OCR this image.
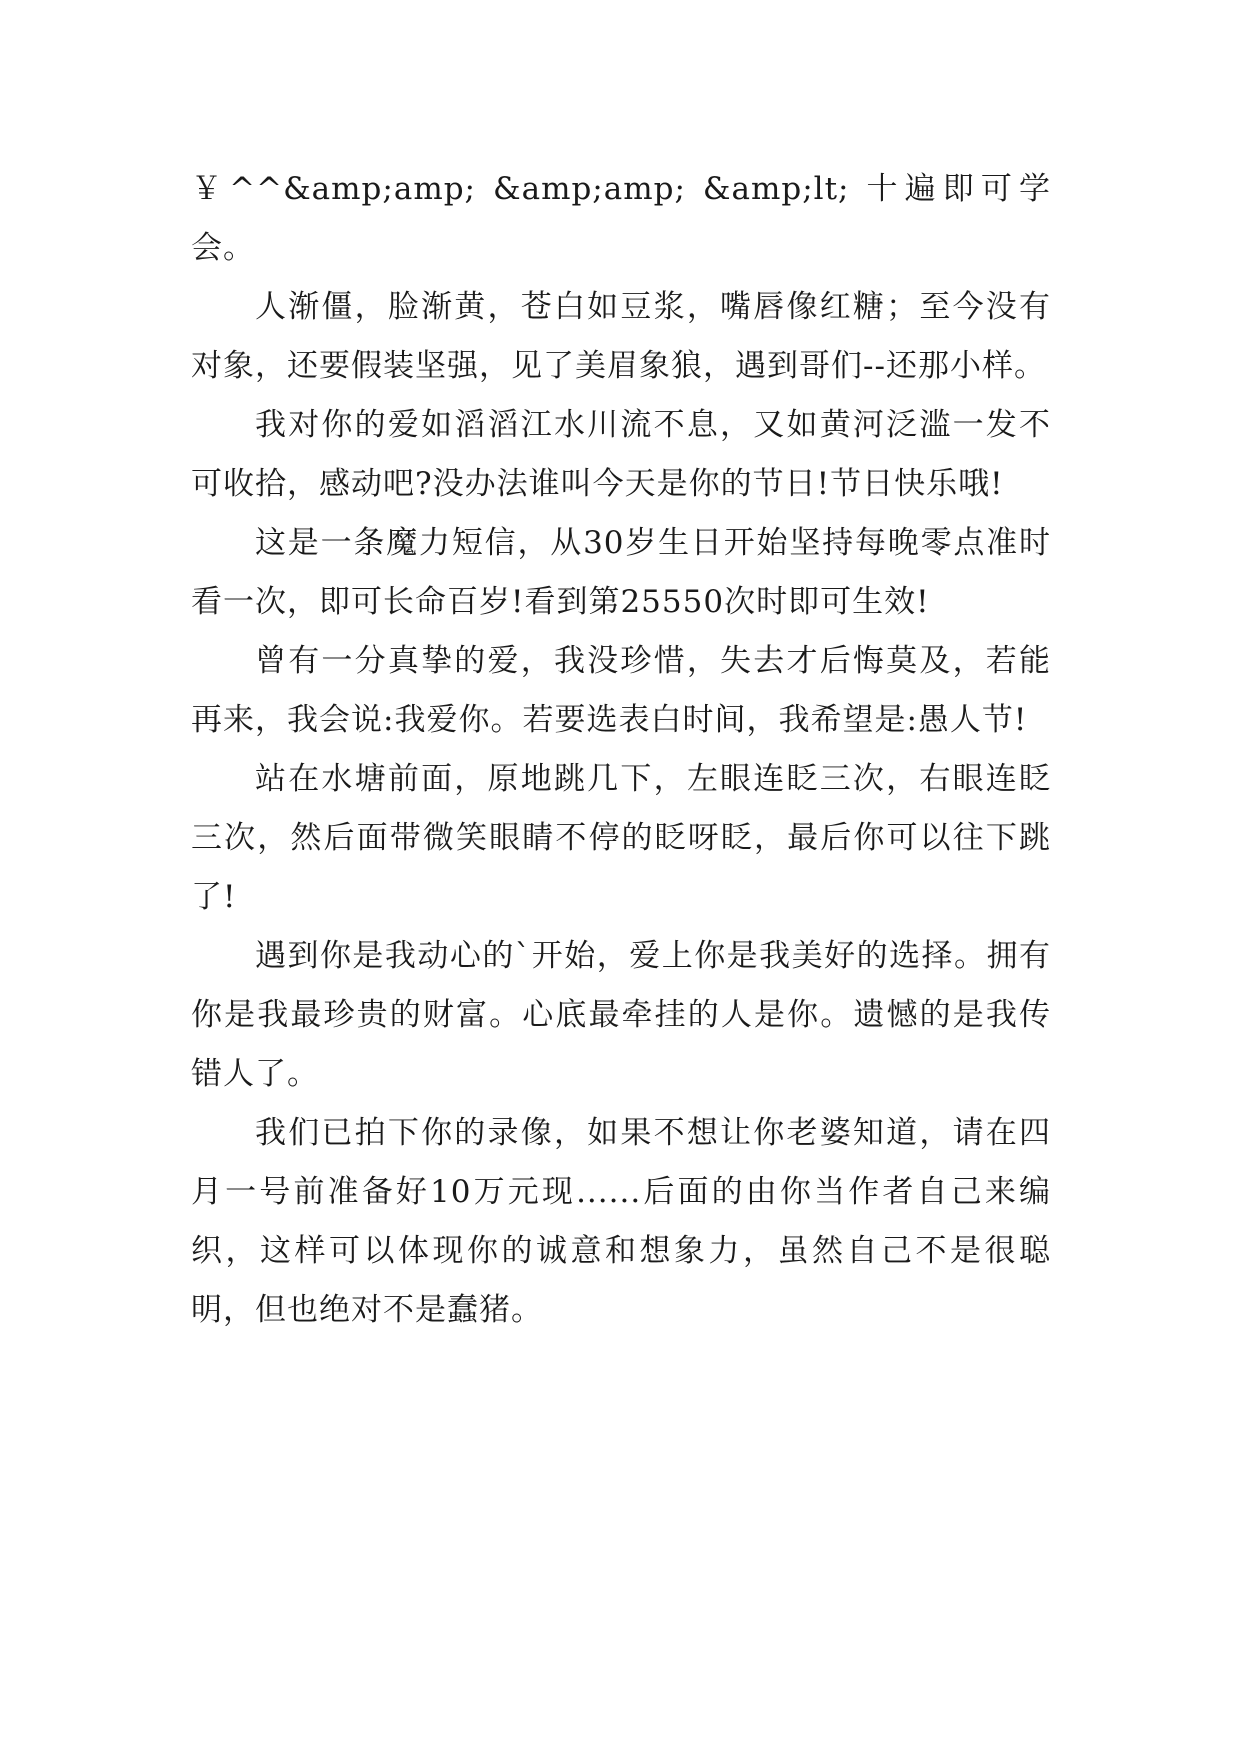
￥^^&amp;amp; &amp;amp; &amp;lt; 十遍即可学会。

人渐僵，脸渐黄，苍白如豆浆，嘴唇像红糖；至今没有对象，还要假装坚强，见了美眉象狼，遇到哥们--还那小样。

我对你的爱如滔滔江水川流不息，又如黄河泛滥一发不可收拾，感动吧?没办法谁叫今天是你的节日!节日快乐哦!

这是一条魔力短信，从30岁生日开始坚持每晚零点准时看一次，即可长命百岁!看到第25550次时即可生效!

曾有一分真挚的爱，我没珍惜，失去才后悔莫及，若能再来，我会说:我爱你。若要选表白时间，我希望是:愚人节!

站在水塘前面，原地跳几下，左眼连眨三次，右眼连眨三次，然后面带微笑眼睛不停的眨呀眨，最后你可以往下跳了!

遇到你是我动心的`开始，爱上你是我美好的选择。拥有你是我最珍贵的财富。心底最牵挂的人是你。遗憾的是我传错人了。

我们已拍下你的录像，如果不想让你老婆知道，请在四月一号前准备好10万元现......后面的由你当作者自己来编织，这样可以体现你的诚意和想象力，虽然自己不是很聪明，但也绝对不是蠢猪。
